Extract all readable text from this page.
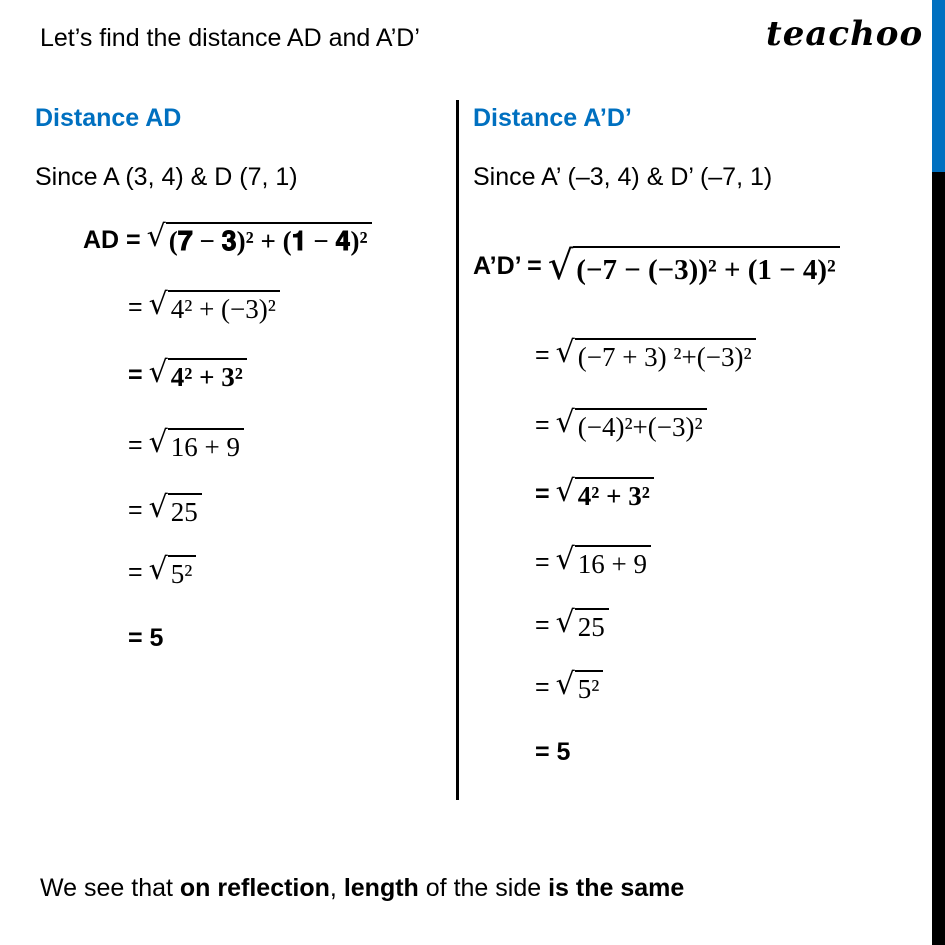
Let’s find the distance AD and A’D’	teachoo
Distance AD
Since A (3, 4) & D (7, 1)
AD = √ (𝟕 − 𝟑)² + (𝟏 − 𝟒)²
= √ 4² + (−3)²
= √ 4² + 3²
= √ 16 + 9
= √ 25
= √ 5²
= 5
Distance A’D’
Since A’ (–3, 4) & D’ (–7, 1)
A’D’ = √ (−7 − (−3))² + (1 − 4)²
= √ (−7 + 3) ²+(−3)²
= √ (−4)²+(−3)²
= √ 4² + 3²
= √ 16 + 9
= √ 25
= √ 5²
= 5
We see that on reflection, length of the side is the same
